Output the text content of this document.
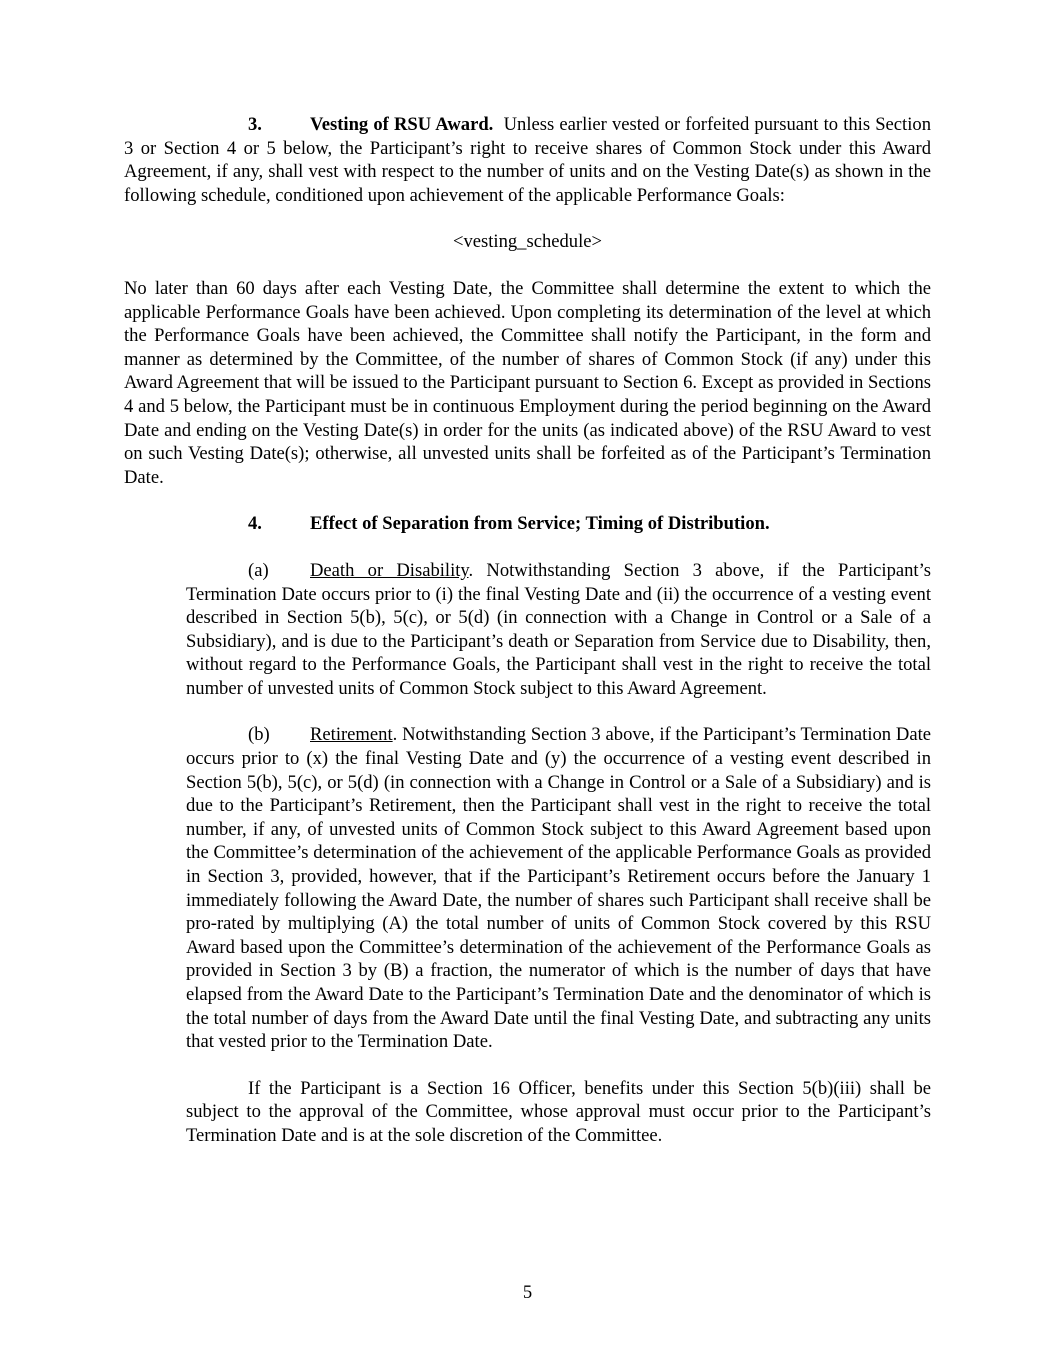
3.	Vesting of RSU Award. Unless earlier vested or forfeited pursuant to this Section 3 or Section 4 or 5 below, the Participant’s right to receive shares of Common Stock under this Award Agreement, if any, shall vest with respect to the number of units and on the Vesting Date(s) as shown in the following schedule, conditioned upon achievement of the applicable Performance Goals:

<vesting_schedule>

No later than 60 days after each Vesting Date, the Committee shall determine the extent to which the applicable Performance Goals have been achieved. Upon completing its determination of the level at which the Performance Goals have been achieved, the Committee shall notify the Participant, in the form and manner as determined by the Committee, of the number of shares of Common Stock (if any) under this Award Agreement that will be issued to the Participant pursuant to Section 6. Except as provided in Sections 4 and 5 below, the Participant must be in continuous Employment during the period beginning on the Award Date and ending on the Vesting Date(s) in order for the units (as indicated above) of the RSU Award to vest on such Vesting Date(s); otherwise, all unvested units shall be forfeited as of the Participant’s Termination Date.

4.	Effect of Separation from Service; Timing of Distribution.

(a) Death or Disability. Notwithstanding Section 3 above, if the Participant’s Termination Date occurs prior to (i) the final Vesting Date and (ii) the occurrence of a vesting event described in Section 5(b), 5(c), or 5(d) (in connection with a Change in Control or a Sale of a Subsidiary), and is due to the Participant’s death or Separation from Service due to Disability, then, without regard to the Performance Goals, the Participant shall vest in the right to receive the total number of unvested units of Common Stock subject to this Award Agreement.

(b) Retirement. Notwithstanding Section 3 above, if the Participant’s Termination Date occurs prior to (x) the final Vesting Date and (y) the occurrence of a vesting event described in Section 5(b), 5(c), or 5(d) (in connection with a Change in Control or a Sale of a Subsidiary) and is due to the Participant’s Retirement, then the Participant shall vest in the right to receive the total number, if any, of unvested units of Common Stock subject to this Award Agreement based upon the Committee’s determination of the achievement of the applicable Performance Goals as provided in Section 3, provided, however, that if the Participant’s Retirement occurs before the January 1 immediately following the Award Date, the number of shares such Participant shall receive shall be pro-rated by multiplying (A) the total number of units of Common Stock covered by this RSU Award based upon the Committee’s determination of the achievement of the Performance Goals as provided in Section 3 by (B) a fraction, the numerator of which is the number of days that have elapsed from the Award Date to the Participant’s Termination Date and the denominator of which is the total number of days from the Award Date until the final Vesting Date, and subtracting any units that vested prior to the Termination Date.

If the Participant is a Section 16 Officer, benefits under this Section 5(b)(iii) shall be subject to the approval of the Committee, whose approval must occur prior to the Participant’s Termination Date and is at the sole discretion of the Committee.

5
